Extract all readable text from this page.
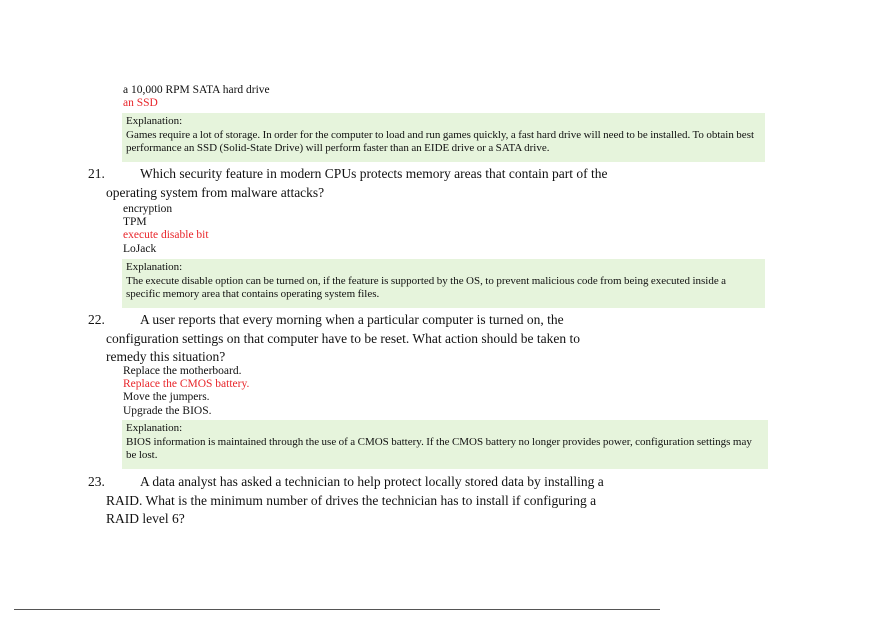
a 10,000 RPM SATA hard drive
an SSD
Explanation:
Games require a lot of storage. In order for the computer to load and run games quickly, a fast hard drive will need to be installed. To obtain best performance an SSD (Solid-State Drive) will perform faster than an EIDE drive or a SATA drive.
21.	Which security feature in modern CPUs protects memory areas that contain part of the
operating system from malware attacks?
encryption
TPM
execute disable bit
LoJack
Explanation:
The execute disable option can be turned on, if the feature is supported by the OS, to prevent malicious code from being executed inside a specific memory area that contains operating system files.
22.	A user reports that every morning when a particular computer is turned on, the
configuration settings on that computer have to be reset. What action should be taken to
remedy this situation?
Replace the motherboard.
Replace the CMOS battery.
Move the jumpers.
Upgrade the BIOS.
Explanation:
BIOS information is maintained through the use of a CMOS battery. If the CMOS battery no longer provides power, configuration settings may be lost.
23.	A data analyst has asked a technician to help protect locally stored data by installing a
RAID. What is the minimum number of drives the technician has to install if configuring a
RAID level 6?
